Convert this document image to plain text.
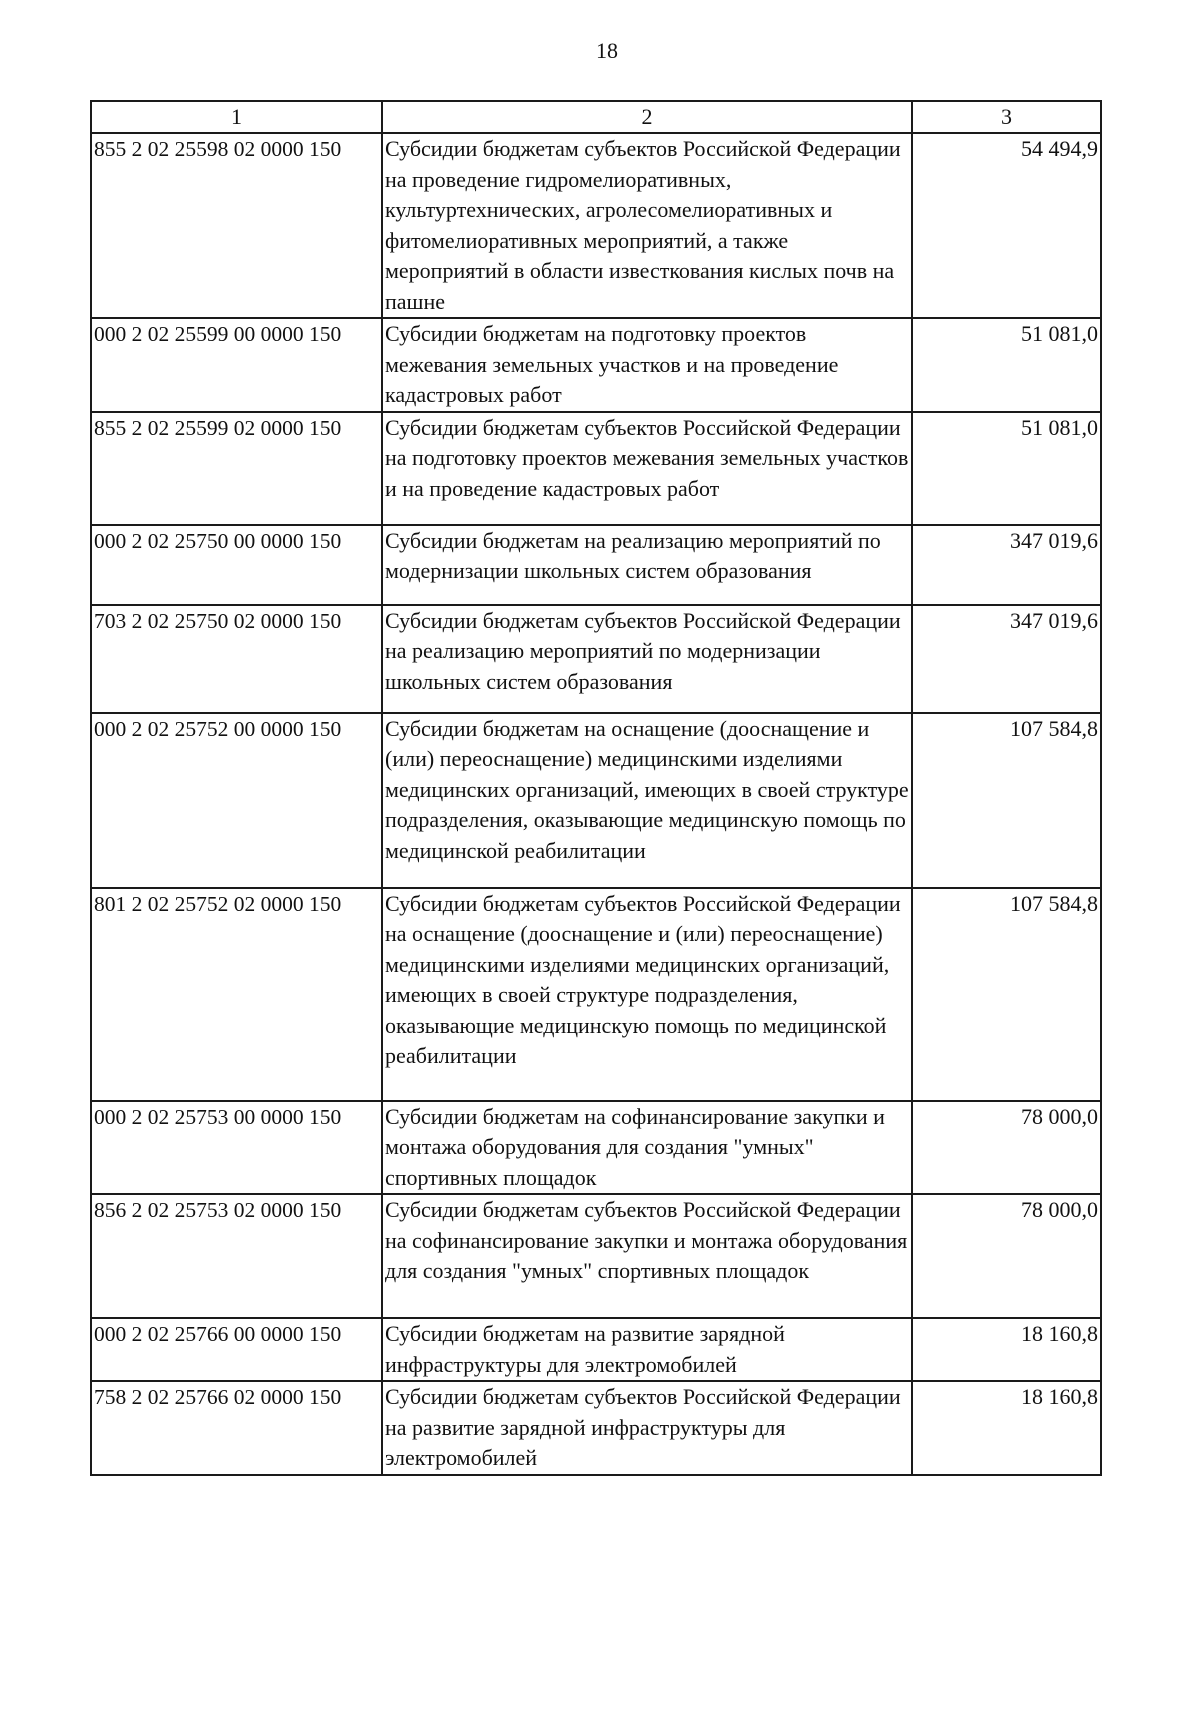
18
1	2	3
855 2 02 25598 02 0000 150	Субсидии бюджетам субъектов Российской Федерации на проведение гидромелиоративных, культуртехнических, агролесомелиоративных и фитомелиоративных мероприятий, а также мероприятий в области известкования кислых почв на пашне	54 494,9
000 2 02 25599 00 0000 150	Субсидии бюджетам на подготовку проектов межевания земельных участков и на проведение кадастровых работ	51 081,0
855 2 02 25599 02 0000 150	Субсидии бюджетам субъектов Российской Федерации на подготовку проектов межевания земельных участков и на проведение кадастровых работ	51 081,0
000 2 02 25750 00 0000 150	Субсидии бюджетам на реализацию мероприятий по модернизации школьных систем образования	347 019,6
703 2 02 25750 02 0000 150	Субсидии бюджетам субъектов Российской Федерации на реализацию мероприятий по модернизации школьных систем образования	347 019,6
000 2 02 25752 00 0000 150	Субсидии бюджетам на оснащение (дооснащение и (или) переоснащение) медицинскими изделиями медицинских организаций, имеющих в своей структуре подразделения, оказывающие медицинскую помощь по медицинской реабилитации	107 584,8
801 2 02 25752 02 0000 150	Субсидии бюджетам субъектов Российской Федерации на оснащение (дооснащение и (или) переоснащение) медицинскими изделиями медицинских организаций, имеющих в своей структуре подразделения, оказывающие медицинскую помощь по медицинской реабилитации	107 584,8
000 2 02 25753 00 0000 150	Субсидии бюджетам на софинансирование закупки и монтажа оборудования для создания "умных" спортивных площадок	78 000,0
856 2 02 25753 02 0000 150	Субсидии бюджетам субъектов Российской Федерации на софинансирование закупки и монтажа оборудования для создания "умных" спортивных площадок	78 000,0
000 2 02 25766 00 0000 150	Субсидии бюджетам на развитие зарядной инфраструктуры для электромобилей	18 160,8
758 2 02 25766 02 0000 150	Субсидии бюджетам субъектов Российской Федерации на развитие зарядной инфраструктуры для электромобилей	18 160,8
